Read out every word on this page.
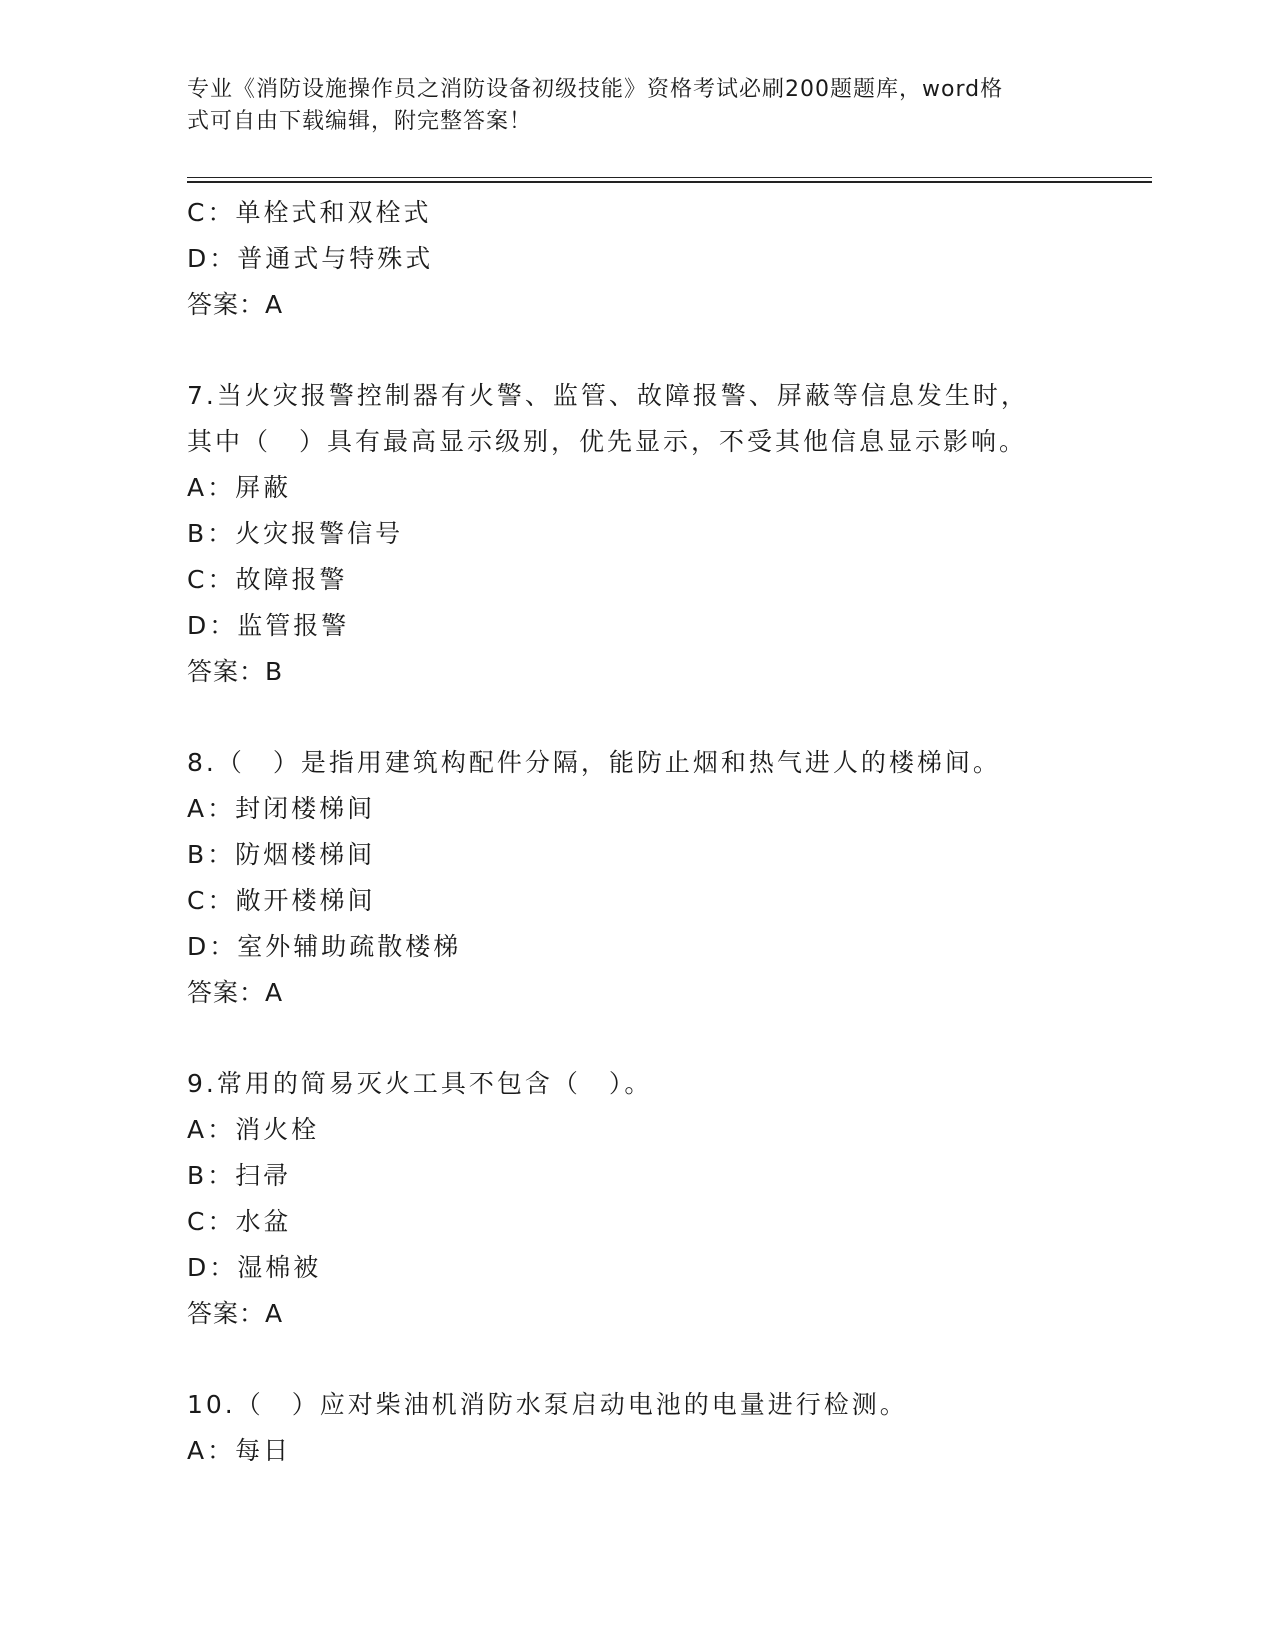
专业《消防设施操作员之消防设备初级技能》资格考试必刷200题题库，word格
式可自由下载编辑，附完整答案！
C：单栓式和双栓式
D：普通式与特殊式
答案：A
7.当火灾报警控制器有火警、监管、故障报警、屏蔽等信息发生时，
其中（　）具有最高显示级别，优先显示，不受其他信息显示影响。
A：屏蔽
B：火灾报警信号
C：故障报警
D：监管报警
答案：B
8.（　）是指用建筑构配件分隔，能防止烟和热气进人的楼梯间。
A：封闭楼梯间
B：防烟楼梯间
C：敞开楼梯间
D：室外辅助疏散楼梯
答案：A
9.常用的简易灭火工具不包含（　）。
A：消火栓
B：扫帚
C：水盆
D：湿棉被
答案：A
10.（　）应对柴油机消防水泵启动电池的电量进行检测。
A：每日
